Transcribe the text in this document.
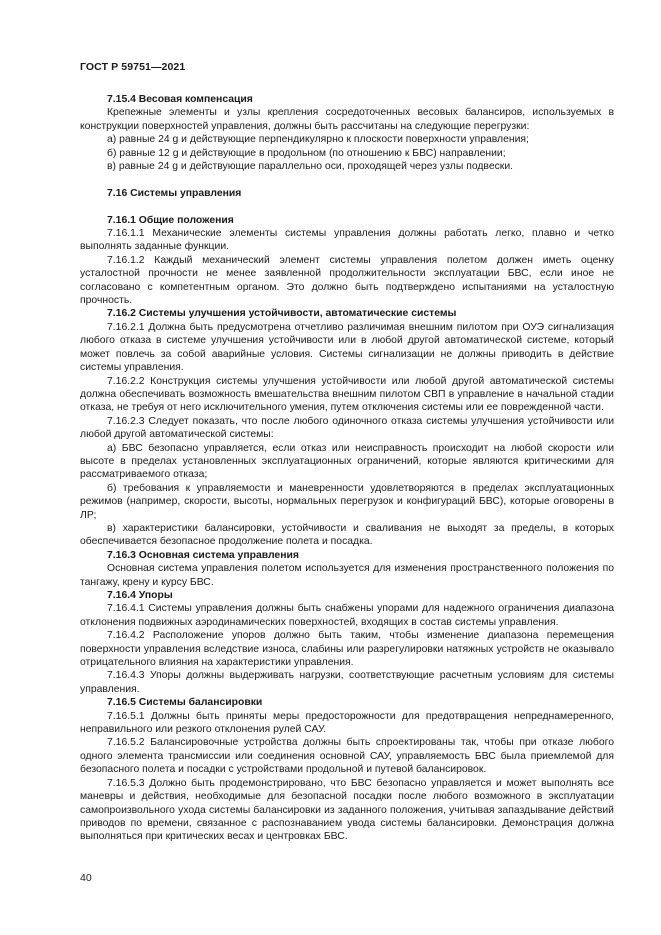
ГОСТ Р 59751—2021

7.15.4 Весовая компенсация

Крепежные элементы и узлы крепления сосредоточенных весовых балансиров, используемых в конструкции поверхностей управления, должны быть рассчитаны на следующие перегрузки:

а) равные 24 g и действующие перпендикулярно к плоскости поверхности управления;

б) равные 12 g и действующие в продольном (по отношению к БВС) направлении;

в) равные 24 g и действующие параллельно оси, проходящей через узлы подвески.

7.16 Системы управления

7.16.1 Общие положения

7.16.1.1 Механические элементы системы управления должны работать легко, плавно и четко выполнять заданные функции.

7.16.1.2 Каждый механический элемент системы управления полетом должен иметь оценку усталостной прочности не менее заявленной продолжительности эксплуатации БВС, если иное не согласовано с компетентным органом. Это должно быть подтверждено испытаниями на усталостную прочность.

7.16.2 Системы улучшения устойчивости, автоматические системы

7.16.2.1 Должна быть предусмотрена отчетливо различимая внешним пилотом при ОУЭ сигнализация любого отказа в системе улучшения устойчивости или в любой другой автоматической системе, который может повлечь за собой аварийные условия. Системы сигнализации не должны приводить в действие системы управления.

7.16.2.2 Конструкция системы улучшения устойчивости или любой другой автоматической системы должна обеспечивать возможность вмешательства внешним пилотом СВП в управление в начальной стадии отказа, не требуя от него исключительного умения, путем отключения системы или ее поврежденной части.

7.16.2.3 Следует показать, что после любого одиночного отказа системы улучшения устойчивости или любой другой автоматической системы:

а) БВС безопасно управляется, если отказ или неисправность происходит на любой скорости или высоте в пределах установленных эксплуатационных ограничений, которые являются критическими для рассматриваемого отказа;

б) требования к управляемости и маневренности удовлетворяются в пределах эксплуатационных режимов (например, скорости, высоты, нормальных перегрузок и конфигураций БВС), которые оговорены в ЛР;

в) характеристики балансировки, устойчивости и сваливания не выходят за пределы, в которых обеспечивается безопасное продолжение полета и посадка.

7.16.3 Основная система управления

Основная система управления полетом используется для изменения пространственного положения по тангажу, крену и курсу БВС.

7.16.4 Упоры

7.16.4.1 Системы управления должны быть снабжены упорами для надежного ограничения диапазона отклонения подвижных аэродинамических поверхностей, входящих в состав системы управления.

7.16.4.2 Расположение упоров должно быть таким, чтобы изменение диапазона перемещения поверхности управления вследствие износа, слабины или разрегулировки натяжных устройств не оказывало отрицательного влияния на характеристики управления.

7.16.4.3 Упоры должны выдерживать нагрузки, соответствующие расчетным условиям для системы управления.

7.16.5 Системы балансировки

7.16.5.1 Должны быть приняты меры предосторожности для предотвращения непреднамеренного, неправильного или резкого отклонения рулей САУ.

7.16.5.2 Балансировочные устройства должны быть спроектированы так, чтобы при отказе любого одного элемента трансмиссии или соединения основной САУ, управляемость БВС была приемлемой для безопасного полета и посадки с устройствами продольной и путевой балансировок.

7.16.5.3 Должно быть продемонстрировано, что БВС безопасно управляется и может выполнять все маневры и действия, необходимые для безопасной посадки после любого возможного в эксплуатации самопроизвольного ухода системы балансировки из заданного положения, учитывая запаздывание действий приводов по времени, связанное с распознаванием увода системы балансировки. Демонстрация должна выполняться при критических весах и центровках БВС.

40
